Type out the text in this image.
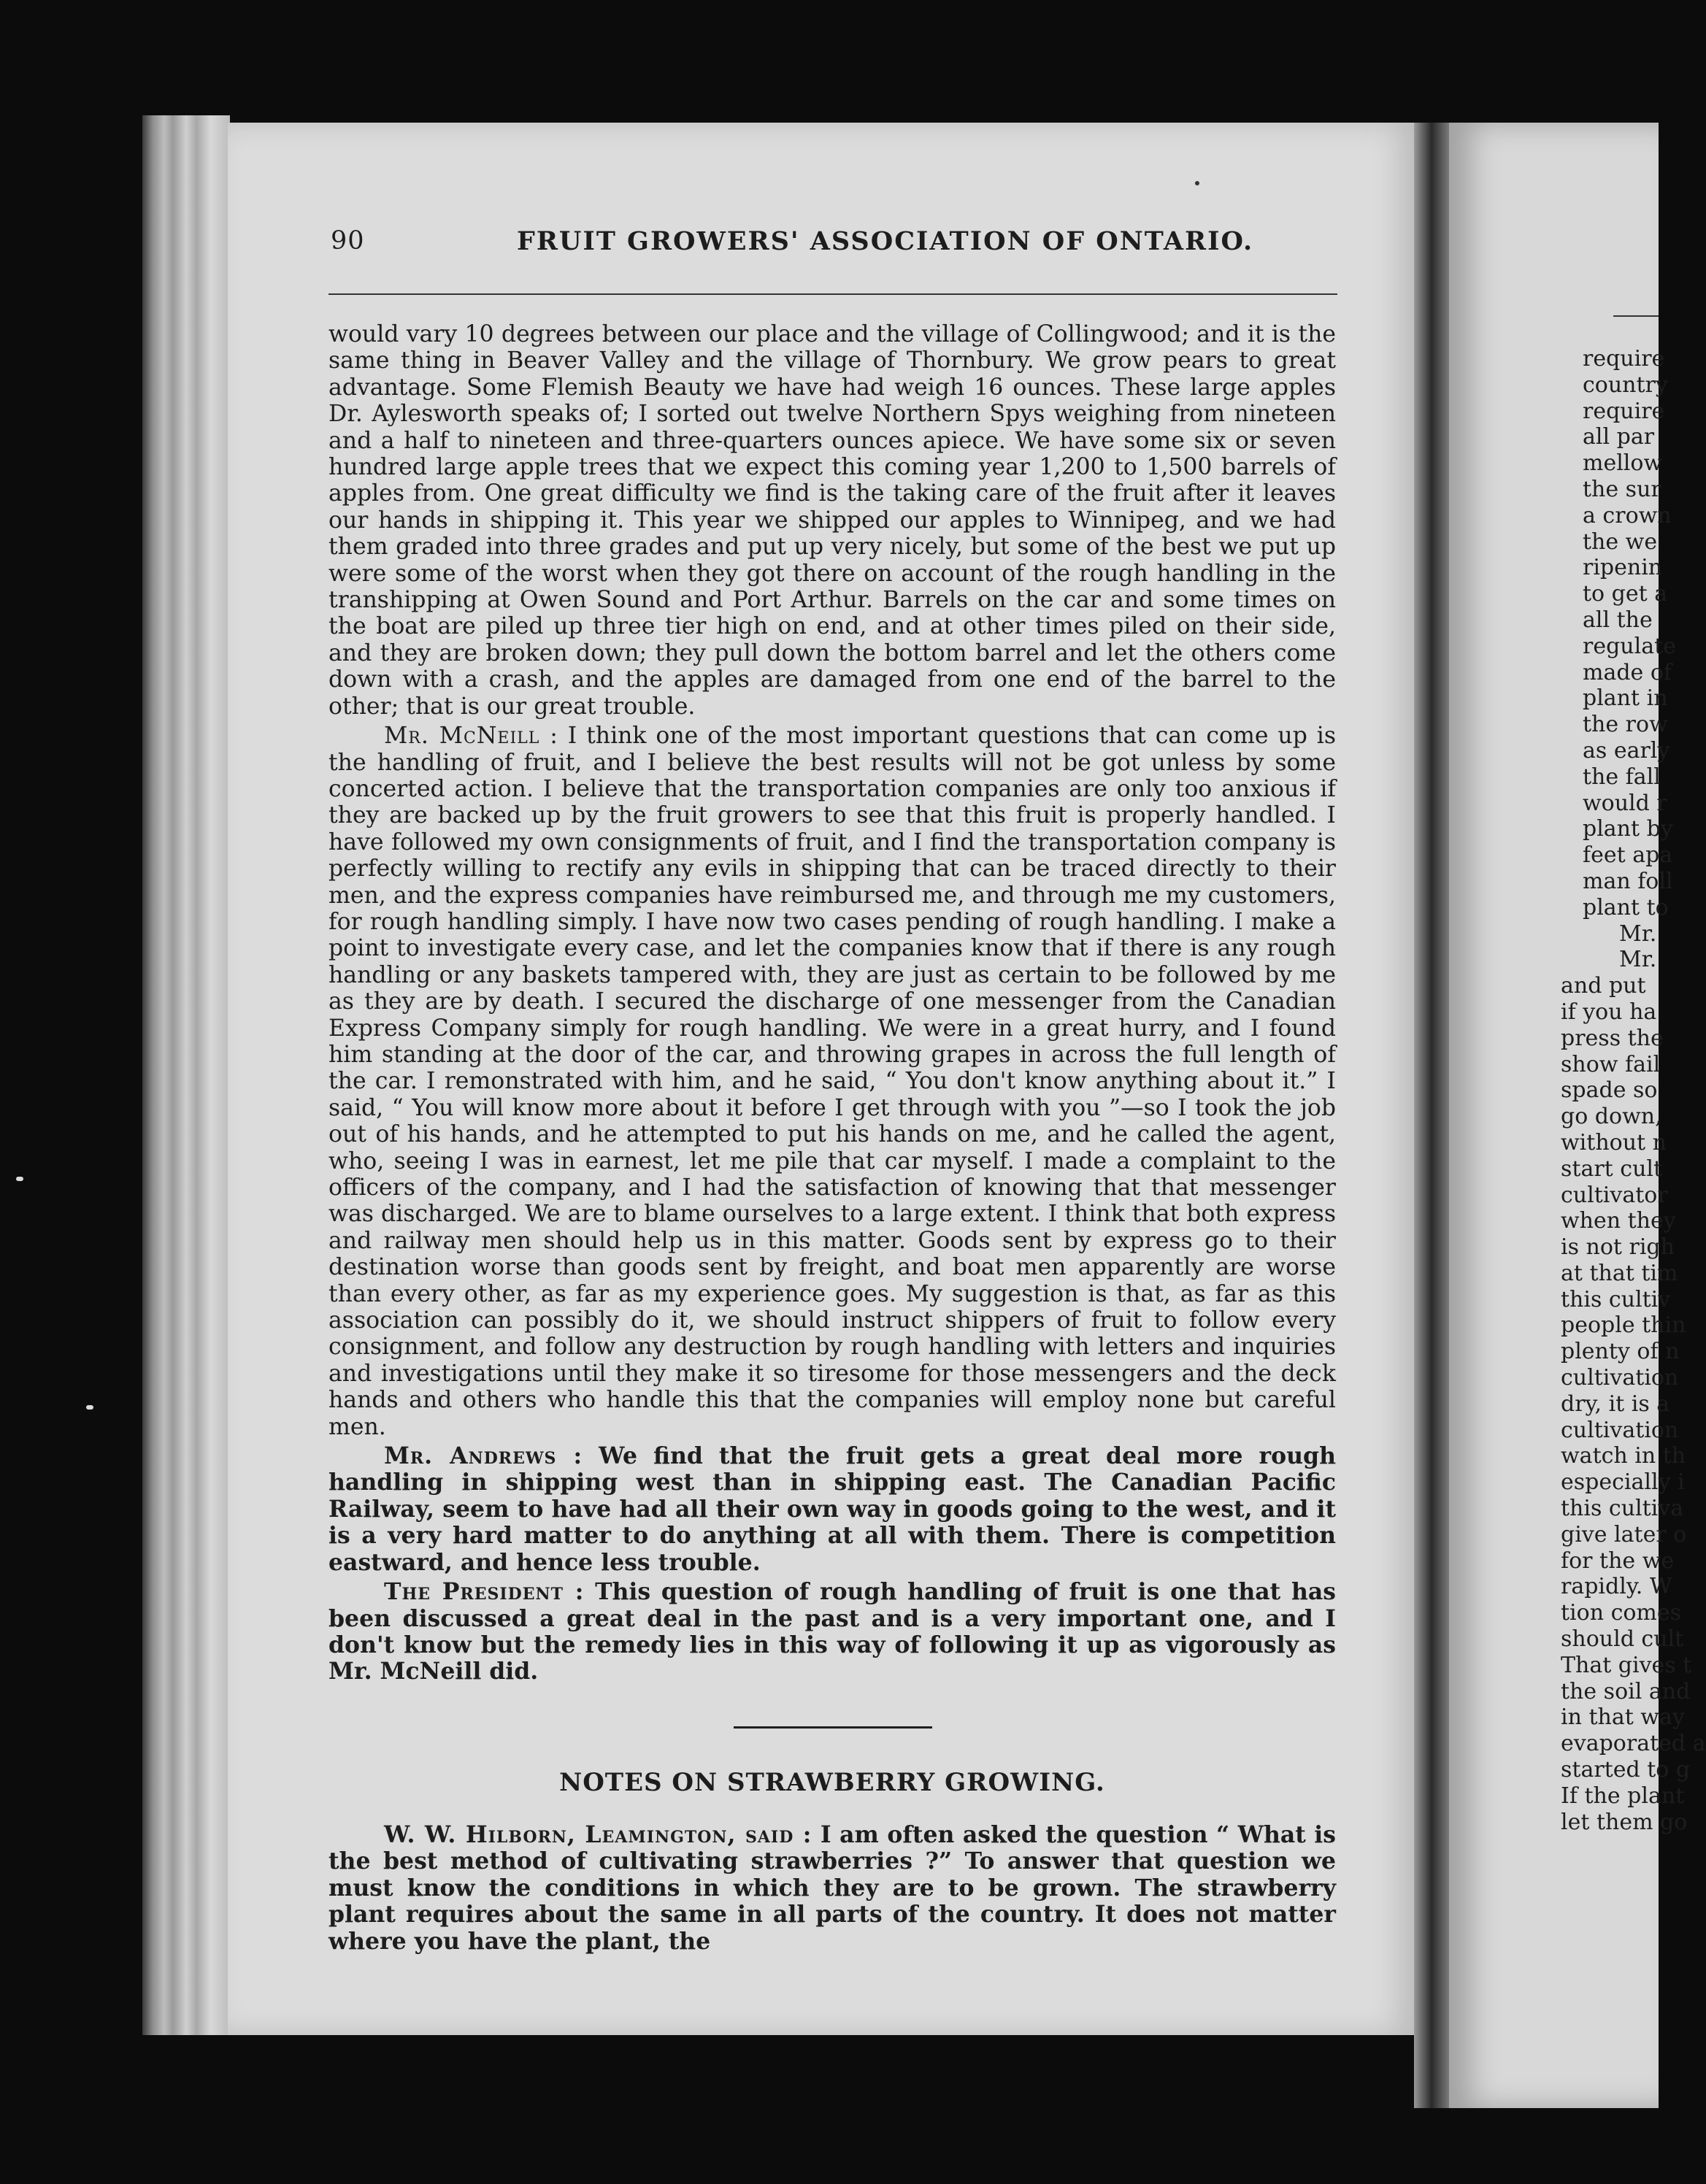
90	FRUIT GROWERS' ASSOCIATION OF ONTARIO.

would vary 10 degrees between our place and the village of Collingwood; and it is the same thing in Beaver Valley and the village of Thornbury. We grow pears to great advantage. Some Flemish Beauty we have had weigh 16 ounces. These large apples Dr. Aylesworth speaks of; I sorted out twelve Northern Spys weighing from nineteen and a half to nineteen and three-quarters ounces apiece. We have some six or seven hundred large apple trees that we expect this coming year 1,200 to 1,500 barrels of apples from. One great difficulty we find is the taking care of the fruit after it leaves our hands in shipping it. This year we shipped our apples to Winnipeg, and we had them graded into three grades and put up very nicely, but some of the best we put up were some of the worst when they got there on account of the rough handling in the transhipping at Owen Sound and Port Arthur. Barrels on the car and some times on the boat are piled up three tier high on end, and at other times piled on their side, and they are broken down; they pull down the bottom barrel and let the others come down with a crash, and the apples are damaged from one end of the barrel to the other; that is our great trouble.

Mr. McNeill : I think one of the most important questions that can come up is the handling of fruit, and I believe the best results will not be got unless by some concerted action. I believe that the transportation companies are only too anxious if they are backed up by the fruit growers to see that this fruit is properly handled. I have followed my own consignments of fruit, and I find the transportation company is perfectly willing to rectify any evils in shipping that can be traced directly to their men, and the express companies have reimbursed me, and through me my customers, for rough handling simply. I have now two cases pending of rough handling. I make a point to investigate every case, and let the companies know that if there is any rough handling or any baskets tampered with, they are just as certain to be followed by me as they are by death. I secured the discharge of one messenger from the Canadian Express Company simply for rough handling. We were in a great hurry, and I found him standing at the door of the car, and throwing grapes in across the full length of the car. I remonstrated with him, and he said, “ You don't know anything about it.” I said, “ You will know more about it before I get through with you ”—so I took the job out of his hands, and he attempted to put his hands on me, and he called the agent, who, seeing I was in earnest, let me pile that car myself. I made a complaint to the officers of the company, and I had the satisfaction of knowing that that messenger was discharged. We are to blame ourselves to a large extent. I think that both express and railway men should help us in this matter. Goods sent by express go to their destination worse than goods sent by freight, and boat men apparently are worse than every other, as far as my experience goes. My suggestion is that, as far as this association can possibly do it, we should instruct shippers of fruit to follow every consignment, and follow any destruction by rough handling with letters and inquiries and investigations until they make it so tiresome for those messengers and the deck hands and others who handle this that the companies will employ none but careful men.

Mr. Andrews : We find that the fruit gets a great deal more rough handling in shipping west than in shipping east. The Canadian Pacific Railway, seem to have had all their own way in goods going to the west, and it is a very hard matter to do anything at all with them. There is competition eastward, and hence less trouble.

The President : This question of rough handling of fruit is one that has been discussed a great deal in the past and is a very important one, and I don't know but the remedy lies in this way of following it up as vigorously as Mr. McNeill did.

NOTES ON STRAWBERRY GROWING.

W. W. Hilborn, Leamington, said : I am often asked the question “ What is the best method of cultivating strawberries ?” To answer that question we must know the conditions in which they are to be grown. The strawberry plant requires about the same in all parts of the country. It does not matter where you have the plant, the

require
country
require
all par
mellow
the sur
a crown
the we
ripenin
to get a
all the
regulate
made of
plant in
the row
as early
the fall
would r
plant by
feet apa
man foll
plant to
Mr.
Mr.
and put
if you ha
press the
show fail
spade so
go down,
without n
start cult
cultivator
when they
is not righ
at that tim
this cultiv
people thin
plenty of n
cultivation
dry, it is a
cultivation
watch in th
especially i
this cultiva
give later o
for the we
rapidly. W
tion comes
should cult
That gives t
the soil and
in that way
evaporated a
started to g
If the plant
let them go
